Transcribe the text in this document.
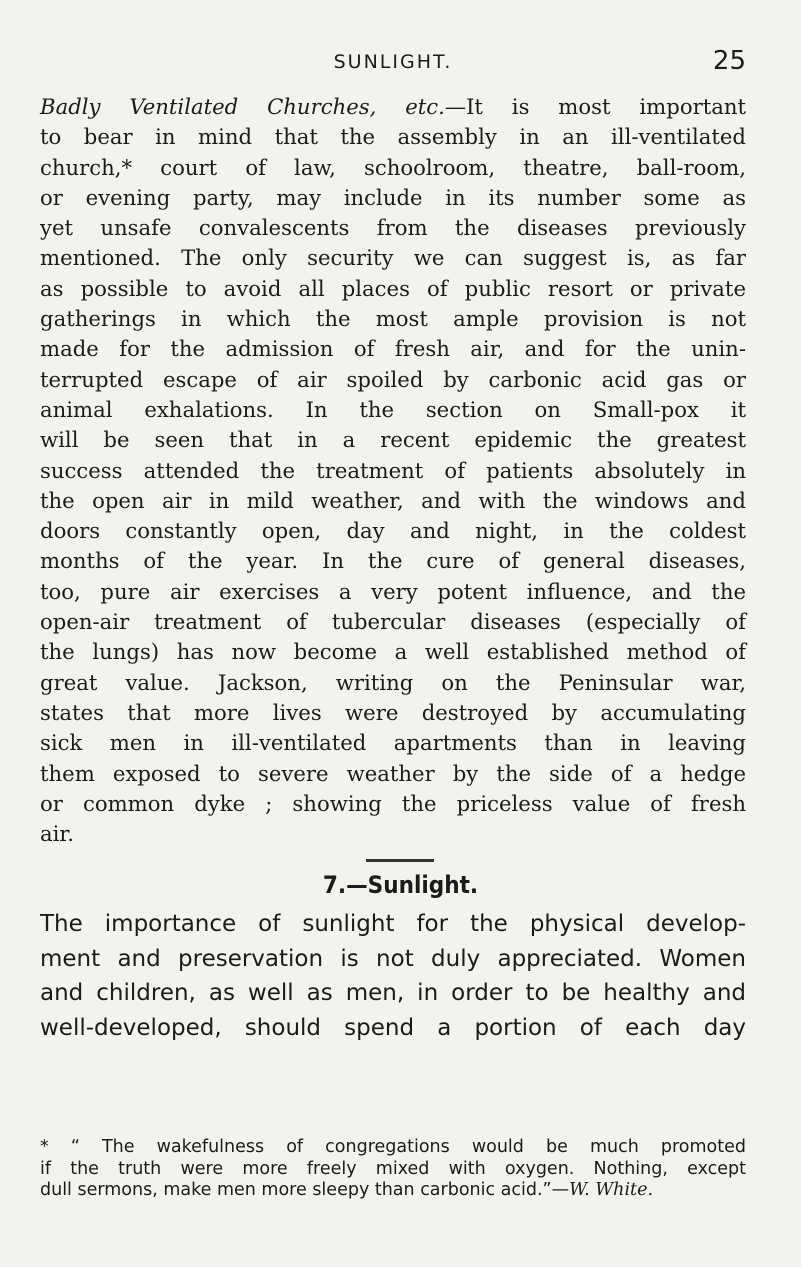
SUNLIGHT.	25
Badly Ventilated Churches, etc.—It is most important
to bear in mind that the assembly in an ill-ventilated
church,* court of law, schoolroom, theatre, ball-room,
or evening party, may include in its number some as
yet unsafe convalescents from the diseases previously
mentioned. The only security we can suggest is, as far
as possible to avoid all places of public resort or private
gatherings in which the most ample provision is not
made for the admission of fresh air, and for the unin-
terrupted escape of air spoiled by carbonic acid gas or
animal exhalations. In the section on Small-pox it
will be seen that in a recent epidemic the greatest
success attended the treatment of patients absolutely in
the open air in mild weather, and with the windows and
doors constantly open, day and night, in the coldest
months of the year. In the cure of general diseases,
too, pure air exercises a very potent influence, and the
open-air treatment of tubercular diseases (especially of
the lungs) has now become a well established method of
great value. Jackson, writing on the Peninsular war,
states that more lives were destroyed by accumulating
sick men in ill-ventilated apartments than in leaving
them exposed to severe weather by the side of a hedge
or common dyke ; showing the priceless value of fresh
air.
7.—Sunlight.
The importance of sunlight for the physical develop-
ment and preservation is not duly appreciated. Women
and children, as well as men, in order to be healthy and
well-developed, should spend a portion of each day
* “ The wakefulness of congregations would be much promoted
if the truth were more freely mixed with oxygen. Nothing, except
dull sermons, make men more sleepy than carbonic acid.”—W. White.
